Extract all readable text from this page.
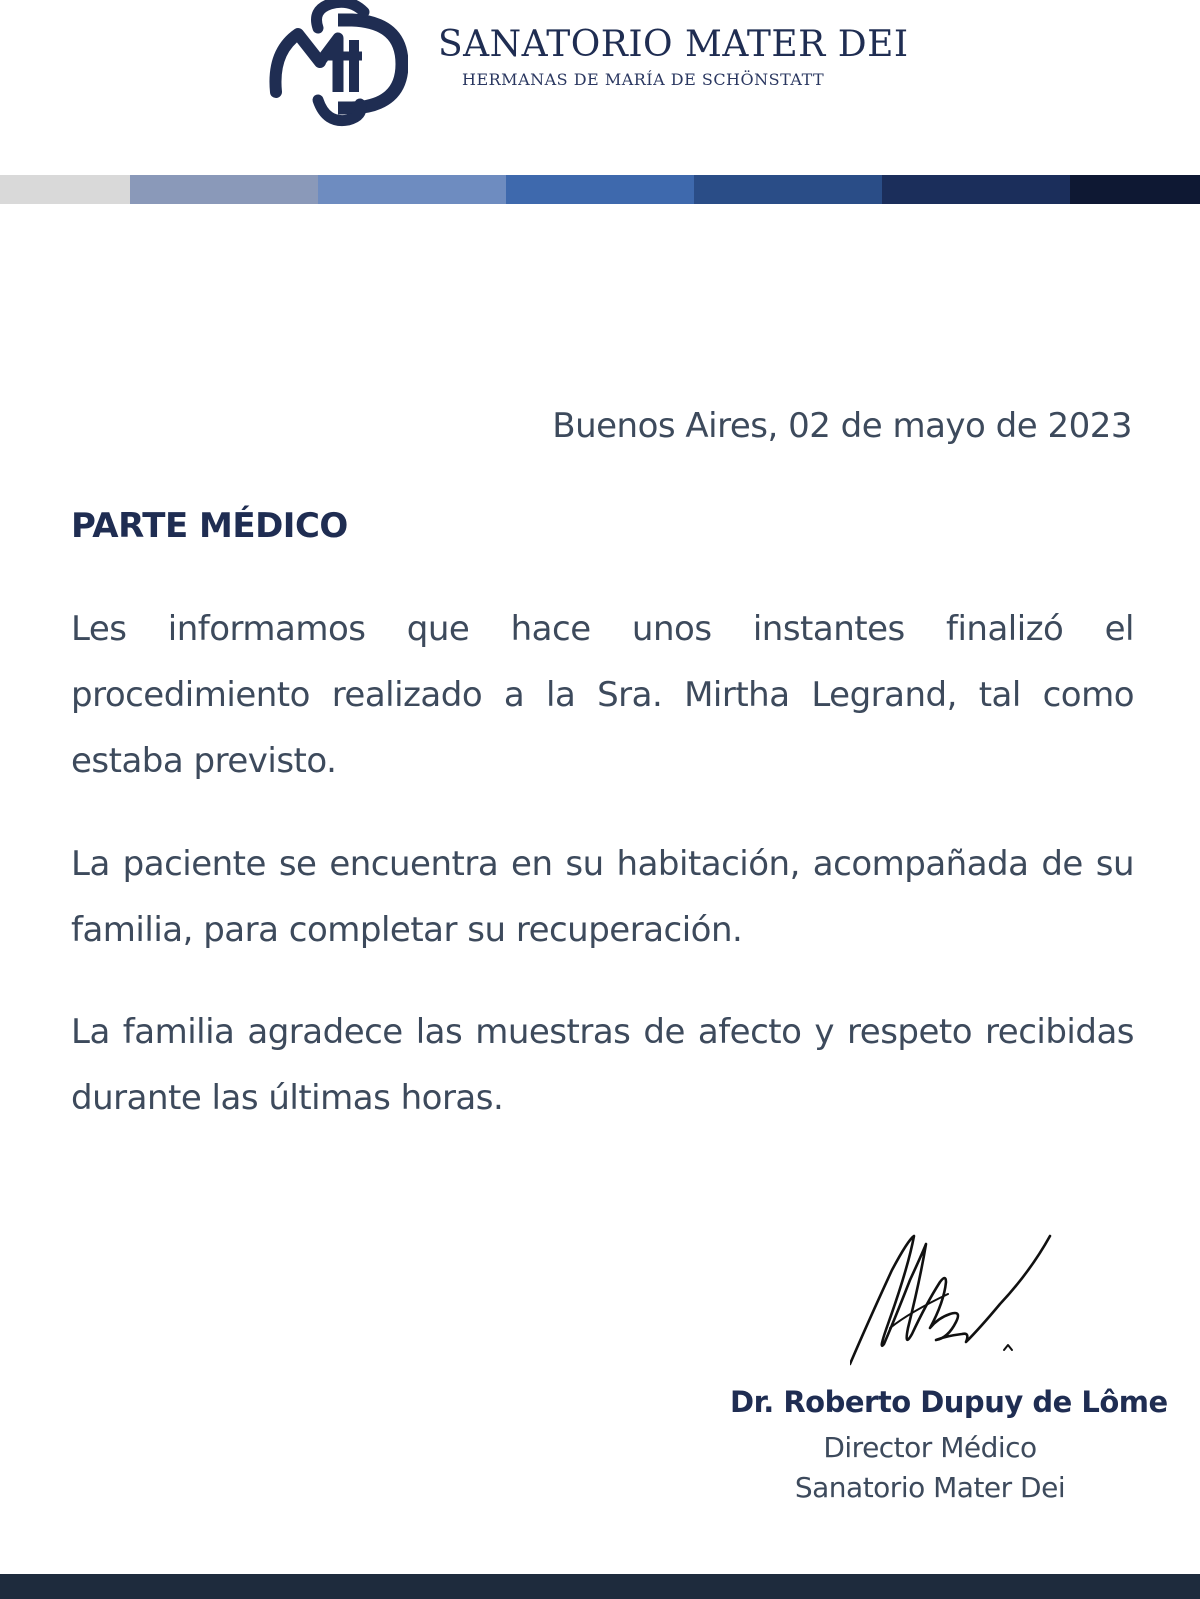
SANATORIO MATER DEI
HERMANAS DE MARÍA DE SCHÖNSTATT
Buenos Aires, 02 de mayo de 2023
PARTE MÉDICO

Les informamos que hace unos instantes finalizó el procedimiento realizado a la Sra. Mirtha Legrand, tal como estaba previsto.

La paciente se encuentra en su habitación, acompañada de su familia, para completar su recuperación.

La familia agradece las muestras de afecto y respeto recibidas durante las últimas horas.

Dr. Roberto Dupuy de Lôme
Director Médico
Sanatorio Mater Dei
